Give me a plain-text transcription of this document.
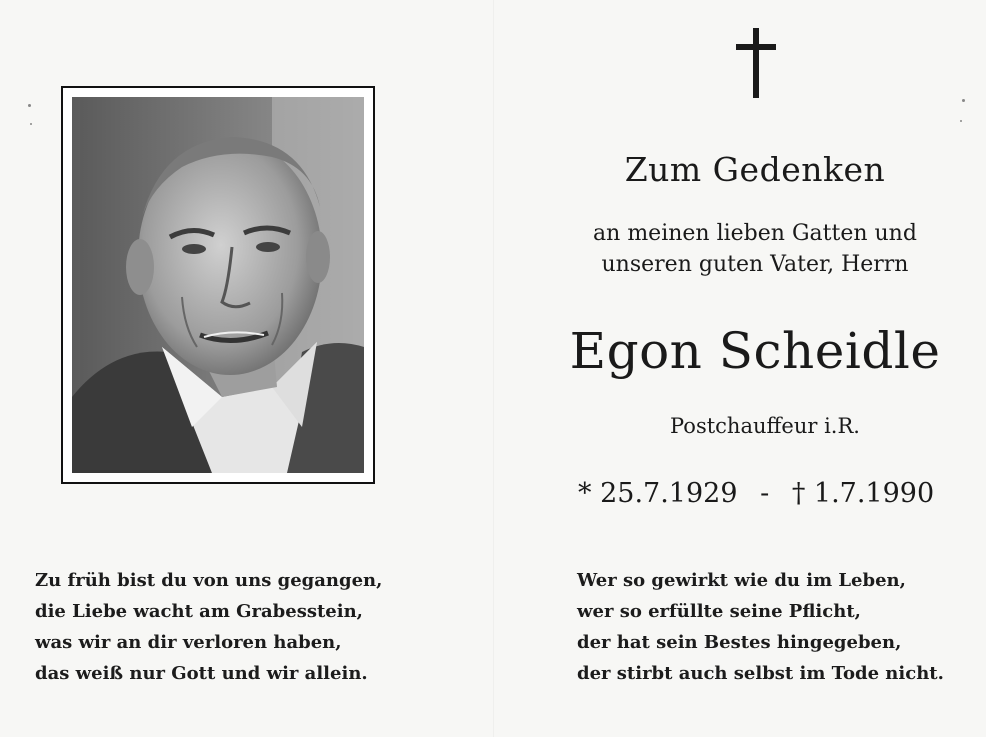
Zum Gedenken
an meinen lieben Gatten und
unseren guten Vater, Herrn
Egon Scheidle
Postchauffeur i.R.
* 25.7.1929 - † 1.7.1990
Zu früh bist du von uns gegangen,
die Liebe wacht am Grabesstein,
was wir an dir verloren haben,
das weiß nur Gott und wir allein.
Wer so gewirkt wie du im Leben,
wer so erfüllte seine Pflicht,
der hat sein Bestes hingegeben,
der stirbt auch selbst im Tode nicht.
